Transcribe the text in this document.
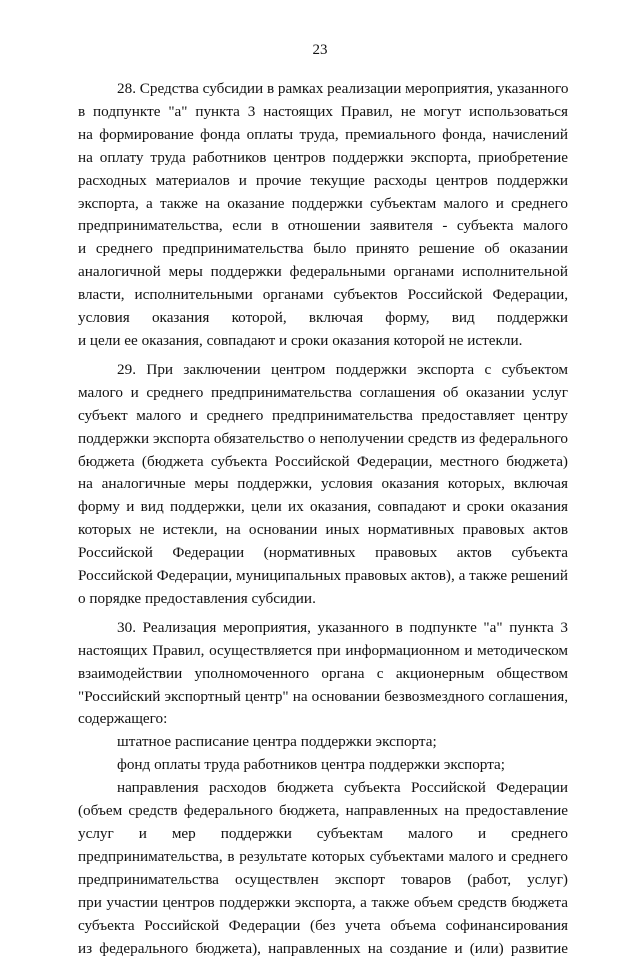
23
28. Средства субсидии в рамках реализации мероприятия, указанного
в подпункте "а" пункта 3 настоящих Правил, не могут использоваться
на формирование фонда оплаты труда, премиального фонда, начислений
на оплату труда работников центров поддержки экспорта, приобретение
расходных материалов и прочие текущие расходы центров поддержки
экспорта, а также на оказание поддержки субъектам малого и среднего
предпринимательства, если в отношении заявителя - субъекта малого
и среднего предпринимательства было принято решение об оказании
аналогичной меры поддержки федеральными органами исполнительной
власти, исполнительными органами субъектов Российской Федерации,
условия оказания которой, включая форму, вид поддержки
и цели ее оказания, совпадают и сроки оказания которой не истекли.
29. При заключении центром поддержки экспорта с субъектом
малого и среднего предпринимательства соглашения об оказании услуг
субъект малого и среднего предпринимательства предоставляет центру
поддержки экспорта обязательство о неполучении средств из федерального
бюджета (бюджета субъекта Российской Федерации, местного бюджета)
на аналогичные меры поддержки, условия оказания которых, включая
форму и вид поддержки, цели их оказания, совпадают и сроки оказания
которых не истекли, на основании иных нормативных правовых актов
Российской Федерации (нормативных правовых актов субъекта
Российской Федерации, муниципальных правовых актов), а также решений
о порядке предоставления субсидии.
30. Реализация мероприятия, указанного в подпункте "а" пункта 3
настоящих Правил, осуществляется при информационном и методическом
взаимодействии уполномоченного органа с акционерным обществом
"Российский экспортный центр" на основании безвозмездного соглашения,
содержащего:
штатное расписание центра поддержки экспорта;
фонд оплаты труда работников центра поддержки экспорта;
направления расходов бюджета субъекта Российской Федерации
(объем средств федерального бюджета, направленных на предоставление
услуг и мер поддержки субъектам малого и среднего
предпринимательства, в результате которых субъектами малого и среднего
предпринимательства осуществлен экспорт товаров (работ, услуг)
при участии центров поддержки экспорта, а также объем средств бюджета
субъекта Российской Федерации (без учета объема софинансирования
из федерального бюджета), направленных на создание и (или) развитие
